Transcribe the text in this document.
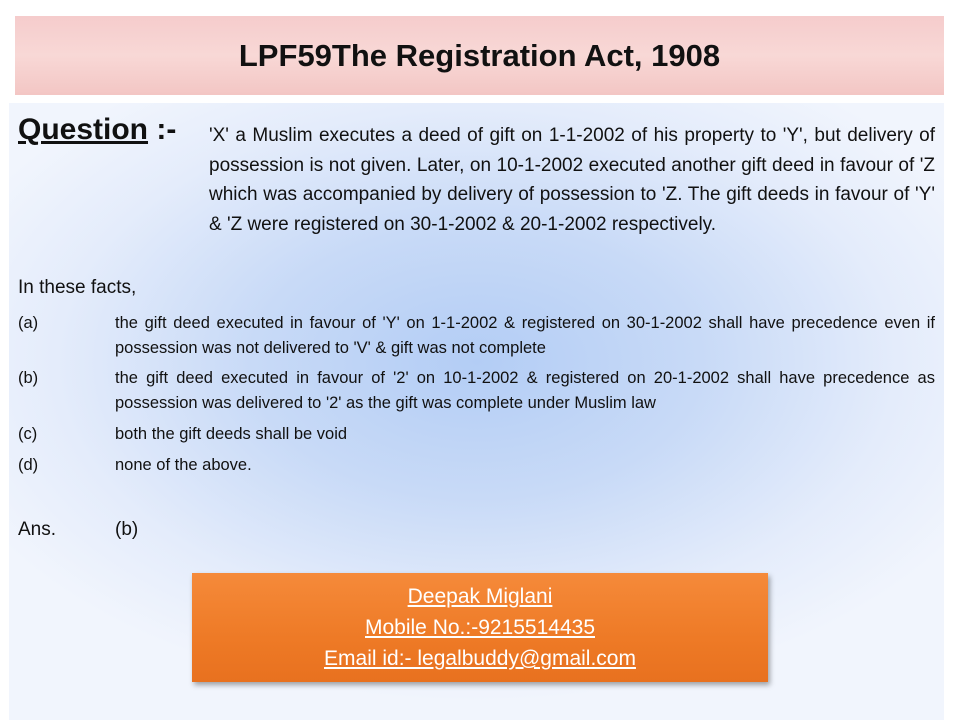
LPF 59 The Registration Act, 1908
Question :- 'X' a Muslim executes a deed of gift on 1-1-2002 of his property to 'Y', but delivery of possession is not given. Later, on 10-1-2002 executed another gift deed in favour of 'Z which was accompanied by delivery of possession to 'Z. The gift deeds in favour of 'Y' & 'Z were registered on 30-1-2002 & 20-1-2002 respectively.
In these facts,
(a)	the gift deed executed in favour of 'Y' on 1-1-2002 & registered on 30-1-2002 shall have precedence even if possession was not delivered to 'V' & gift was not complete
(b)	the gift deed executed in favour of '2' on 10-1-2002 & registered on 20-1-2002 shall have precedence as possession was delivered to '2' as the gift was complete under Muslim law
(c)	both the gift deeds shall be void
(d)	none of the above.
Ans.	(b)
Deepak Miglani
Mobile No.:-9215514435
Email id:- legalbuddy@gmail.com
